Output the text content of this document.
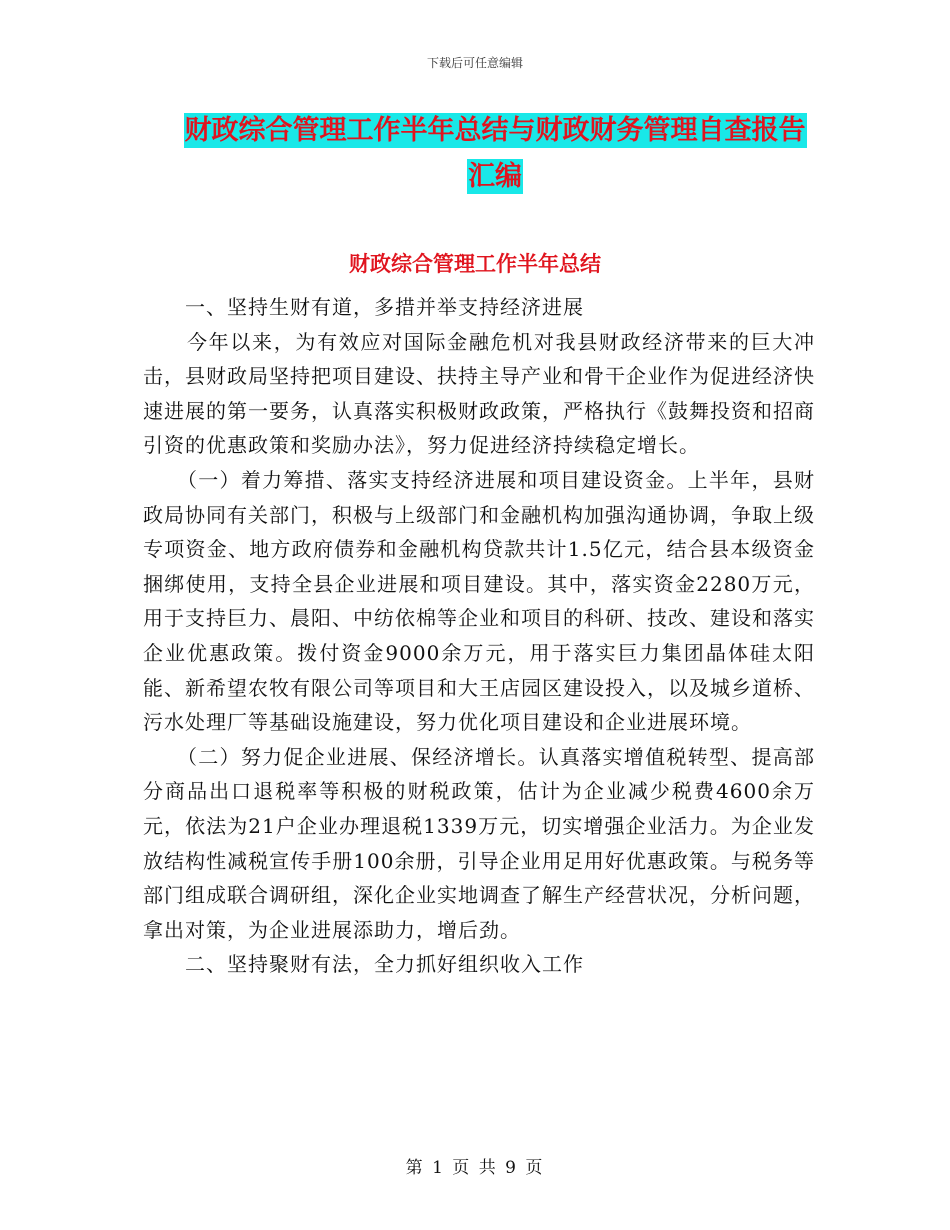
下载后可任意编辑
财政综合管理工作半年总结与财政财务管理自查报告
汇编
财政综合管理工作半年总结

一、坚持生财有道，多措并举支持经济进展

今年以来，为有效应对国际金融危机对我县财政经济带来的巨大冲击，县财政局坚持把项目建设、扶持主导产业和骨干企业作为促进经济快速进展的第一要务，认真落实积极财政政策，严格执行《鼓舞投资和招商引资的优惠政策和奖励办法》，努力促进经济持续稳定增长。

（一）着力筹措、落实支持经济进展和项目建设资金。上半年，县财政局协同有关部门，积极与上级部门和金融机构加强沟通协调，争取上级专项资金、地方政府债券和金融机构贷款共计1.5亿元，结合县本级资金捆绑使用，支持全县企业进展和项目建设。其中，落实资金2280万元，用于支持巨力、晨阳、中纺依棉等企业和项目的科研、技改、建设和落实企业优惠政策。拨付资金9000余万元，用于落实巨力集团晶体硅太阳能、新希望农牧有限公司等项目和大王店园区建设投入，以及城乡道桥、污水处理厂等基础设施建设，努力优化项目建设和企业进展环境。

（二）努力促企业进展、保经济增长。认真落实增值税转型、提高部分商品出口退税率等积极的财税政策，估计为企业减少税费4600余万元，依法为21户企业办理退税1339万元，切实增强企业活力。为企业发放结构性减税宣传手册100余册，引导企业用足用好优惠政策。与税务等部门组成联合调研组，深化企业实地调查了解生产经营状况，分析问题，拿出对策，为企业进展添助力，增后劲。

二、坚持聚财有法，全力抓好组织收入工作

第 1 页 共 9 页
